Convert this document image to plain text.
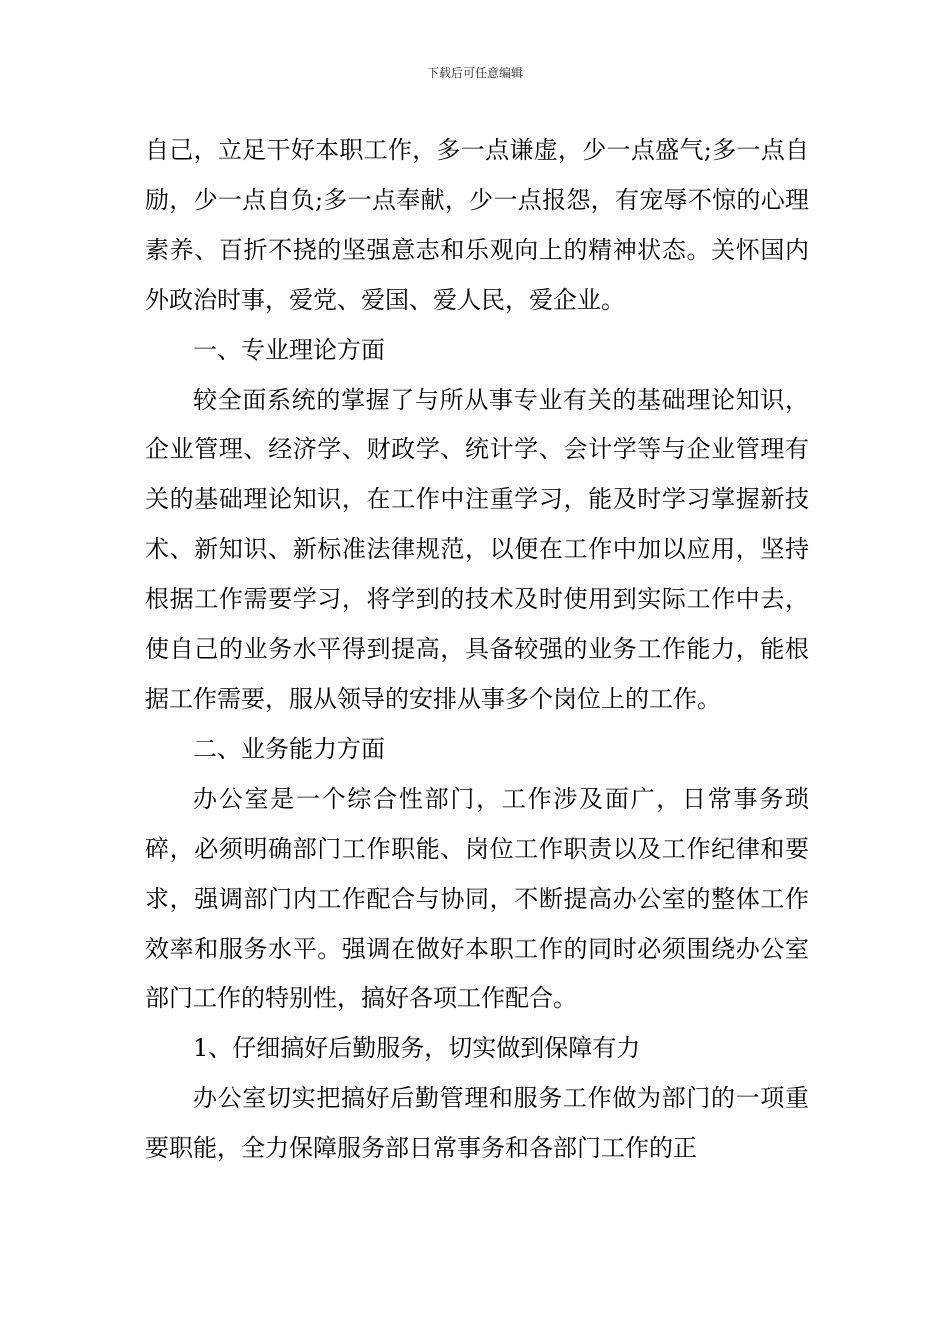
下载后可任意编辑

自己，立足干好本职工作，多一点谦虚，少一点盛气;多一点自励，少一点自负;多一点奉献，少一点报怨，有宠辱不惊的心理素养、百折不挠的坚强意志和乐观向上的精神状态。关怀国内外政治时事，爱党、爱国、爱人民，爱企业。

一、专业理论方面

较全面系统的掌握了与所从事专业有关的基础理论知识，企业管理、经济学、财政学、统计学、会计学等与企业管理有关的基础理论知识，在工作中注重学习，能及时学习掌握新技术、新知识、新标准法律规范，以便在工作中加以应用，坚持根据工作需要学习，将学到的技术及时使用到实际工作中去，使自己的业务水平得到提高，具备较强的业务工作能力，能根据工作需要，服从领导的安排从事多个岗位上的工作。

二、业务能力方面

办公室是一个综合性部门，工作涉及面广，日常事务琐碎，必须明确部门工作职能、岗位工作职责以及工作纪律和要求，强调部门内工作配合与协同，不断提高办公室的整体工作效率和服务水平。强调在做好本职工作的同时必须围绕办公室部门工作的特别性，搞好各项工作配合。

1、仔细搞好后勤服务，切实做到保障有力

办公室切实把搞好后勤管理和服务工作做为部门的一项重要职能，全力保障服务部日常事务和各部门工作的正
